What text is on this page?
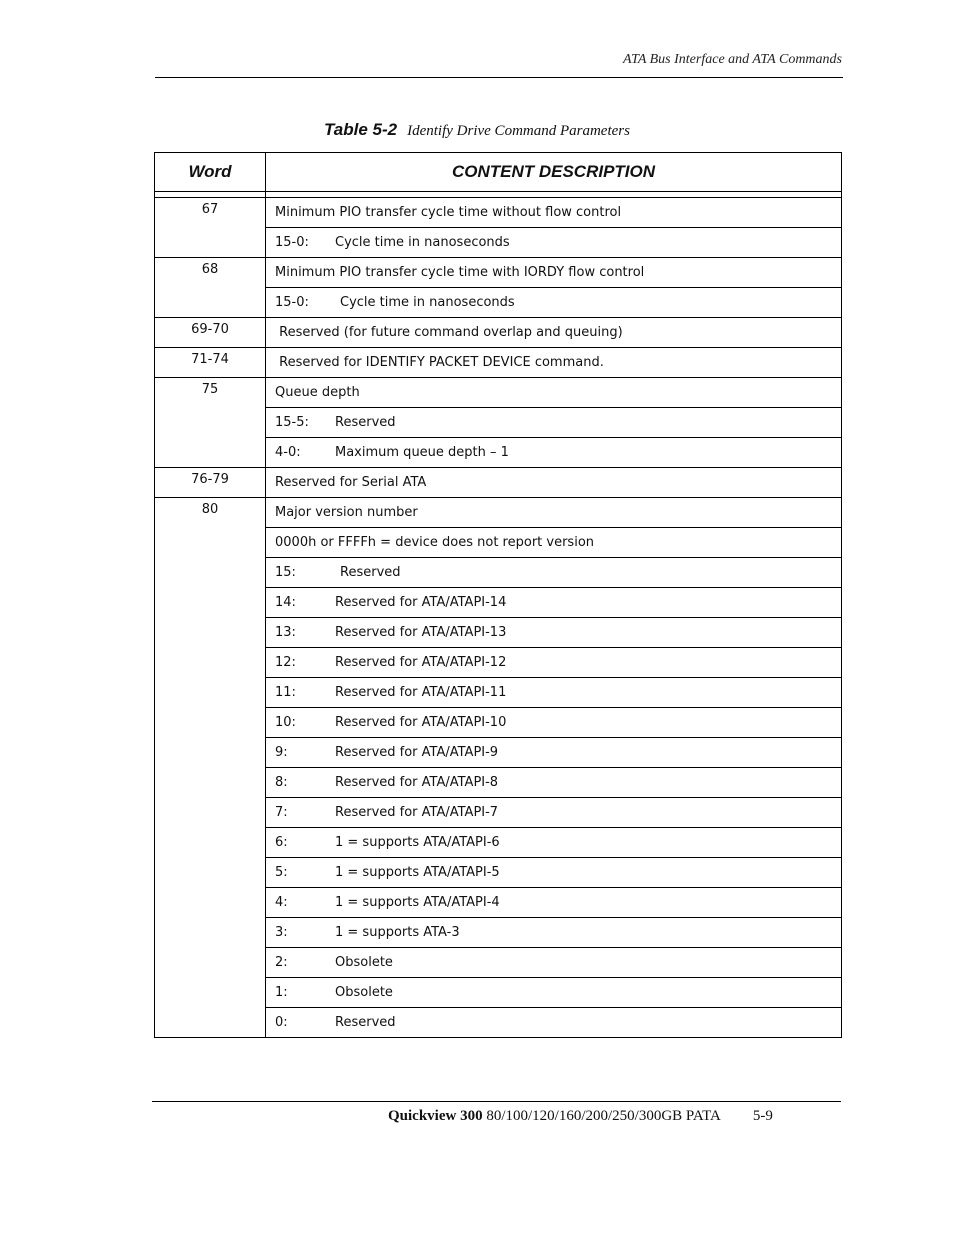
ATA Bus Interface and ATA Commands
Table 5-2 Identify Drive Command Parameters
Word	CONTENT DESCRIPTION
67	Minimum PIO transfer cycle time without flow control
15-0:	Cycle time in nanoseconds
68	Minimum PIO transfer cycle time with IORDY flow control
15-0:	Cycle time in nanoseconds
69-70	Reserved (for future command overlap and queuing)
71-74	Reserved for IDENTIFY PACKET DEVICE command.
75	Queue depth
15-5:	Reserved
4-0:	Maximum queue depth – 1
76-79	Reserved for Serial ATA
80	Major version number
0000h or FFFFh = device does not report version
15:	Reserved
14:	Reserved for ATA/ATAPI-14
13:	Reserved for ATA/ATAPI-13
12:	Reserved for ATA/ATAPI-12
11:	Reserved for ATA/ATAPI-11
10:	Reserved for ATA/ATAPI-10
9:	Reserved for ATA/ATAPI-9
8:	Reserved for ATA/ATAPI-8
7:	Reserved for ATA/ATAPI-7
6:	1 = supports ATA/ATAPI-6
5:	1 = supports ATA/ATAPI-5
4:	1 = supports ATA/ATAPI-4
3:	1 = supports ATA-3
2:	Obsolete
1:	Obsolete
0:	Reserved
Quickview 300 80/100/120/160/200/250/300GB PATA 5-9
